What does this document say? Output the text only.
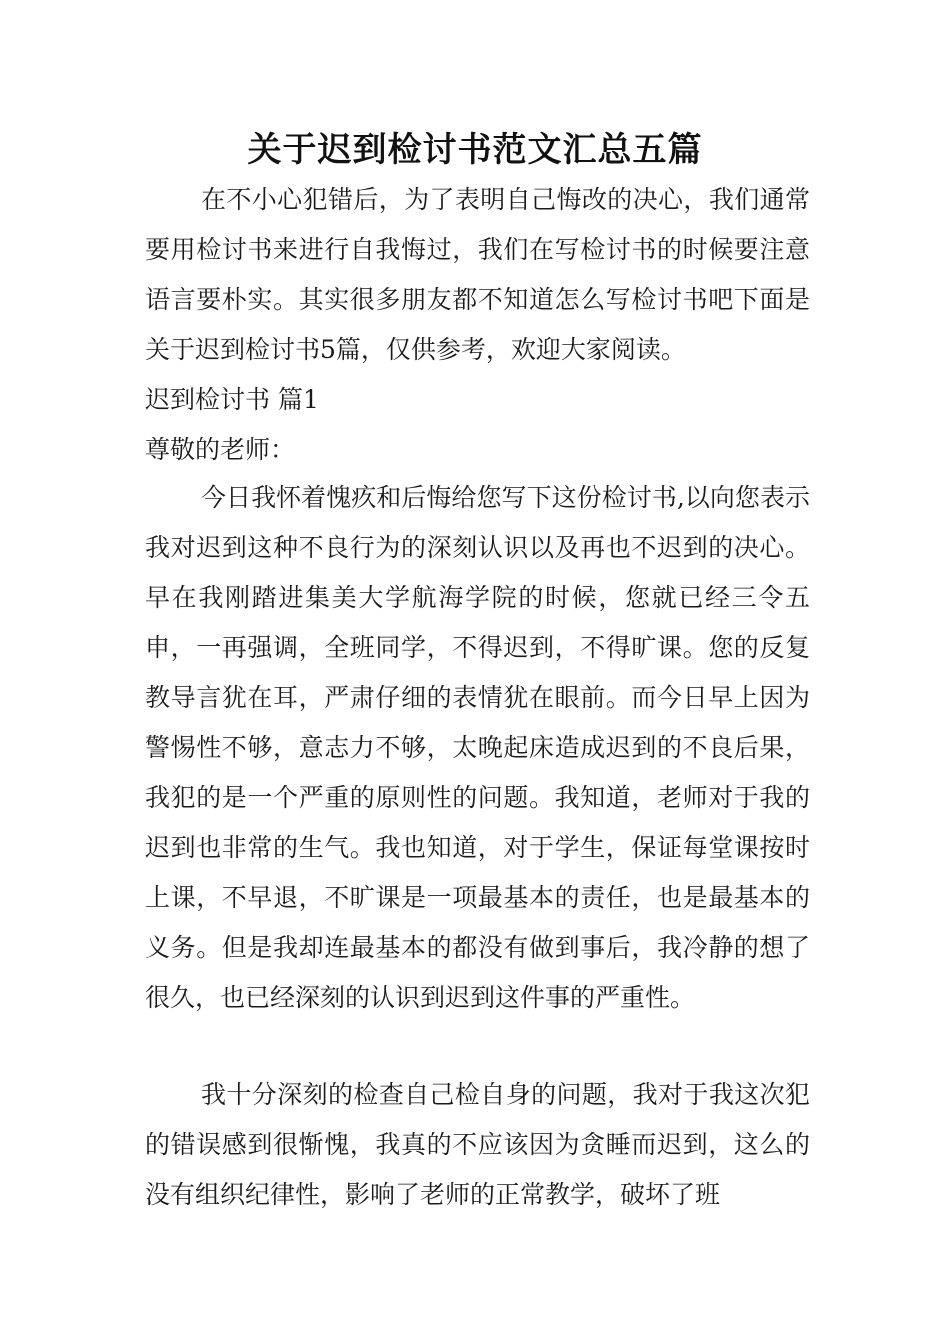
关于迟到检讨书范文汇总五篇
在不小心犯错后，为了表明自己悔改的决心，我们通常要用检讨书来进行自我悔过，我们在写检讨书的时候要注意语言要朴实。其实很多朋友都不知道怎么写检讨书吧下面是关于迟到检讨书5篇，仅供参考，欢迎大家阅读。
迟到检讨书 篇1
尊敬的老师：
今日我怀着愧疚和后悔给您写下这份检讨书,以向您表示我对迟到这种不良行为的深刻认识以及再也不迟到的决心。早在我刚踏进集美大学航海学院的时候，您就已经三令五申，一再强调，全班同学，不得迟到，不得旷课。您的反复教导言犹在耳，严肃仔细的表情犹在眼前。而今日早上因为警惕性不够，意志力不够，太晚起床造成迟到的不良后果，我犯的是一个严重的原则性的问题。我知道，老师对于我的迟到也非常的生气。我也知道，对于学生，保证每堂课按时上课，不早退，不旷课是一项最基本的责任，也是最基本的义务。但是我却连最基本的都没有做到事后，我冷静的想了很久，也已经深刻的认识到迟到这件事的严重性。
我十分深刻的检查自己检自身的问题，我对于我这次犯的错误感到很惭愧，我真的不应该因为贪睡而迟到，这么的没有组织纪律性，影响了老师的正常教学，破坏了班
